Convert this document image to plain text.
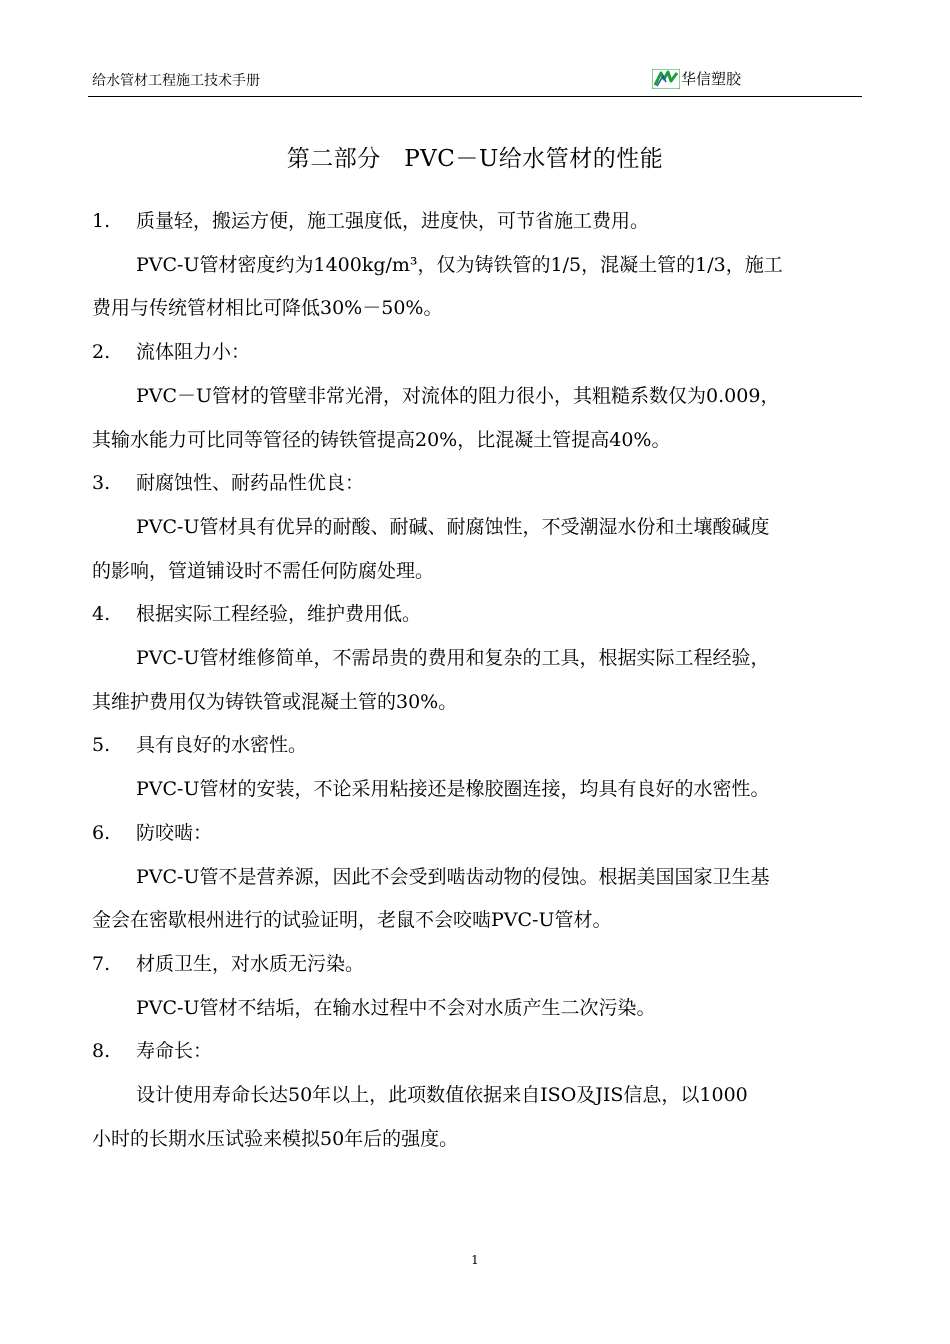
给水管材工程施工技术手册	华信塑胶
第二部分　PVC－U给水管材的性能
1. 质量轻，搬运方便，施工强度低，进度快，可节省施工费用。
PVC-U管材密度约为1400kg/m³，仅为铸铁管的1/5，混凝土管的1/3，施工
费用与传统管材相比可降低30%－50%。
2. 流体阻力小：
PVC－U管材的管壁非常光滑，对流体的阻力很小，其粗糙系数仅为0.009，
其输水能力可比同等管径的铸铁管提高20%，比混凝土管提高40%。
3. 耐腐蚀性、耐药品性优良：
PVC-U管材具有优异的耐酸、耐碱、耐腐蚀性，不受潮湿水份和土壤酸碱度
的影响，管道铺设时不需任何防腐处理。
4. 根据实际工程经验，维护费用低。
PVC-U管材维修简单，不需昂贵的费用和复杂的工具，根据实际工程经验，
其维护费用仅为铸铁管或混凝土管的30%。
5. 具有良好的水密性。
PVC-U管材的安装，不论采用粘接还是橡胶圈连接，均具有良好的水密性。
6. 防咬啮：
PVC-U管不是营养源，因此不会受到啮齿动物的侵蚀。根据美国国家卫生基
金会在密歇根州进行的试验证明，老鼠不会咬啮PVC-U管材。
7. 材质卫生，对水质无污染。
PVC-U管材不结垢，在输水过程中不会对水质产生二次污染。
8. 寿命长：
设计使用寿命长达50年以上，此项数值依据来自ISO及JIS信息，以1000
小时的长期水压试验来模拟50年后的强度。
1
